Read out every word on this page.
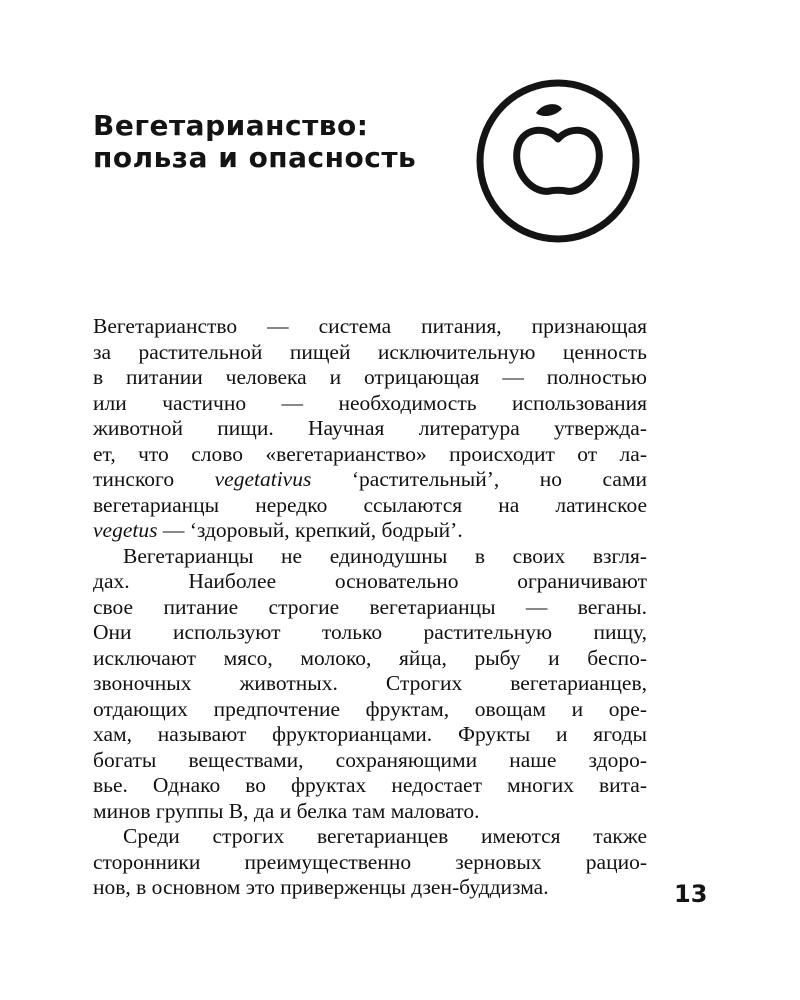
Вегетарианство:
польза и опасность
Вегетарианство — система питания, признающая
за растительной пищей исключительную ценность
в питании человека и отрицающая — полностью
или частично — необходимость использования
животной пищи. Научная литература утвержда-
ет, что слово «вегетарианство» происходит от ла-
тинского vegetativus ‘растительный’, но сами
вегетарианцы нередко ссылаются на латинское
vegetus — ‘здоровый, крепкий, бодрый’.
Вегетарианцы не единодушны в своих взгля-
дах. Наиболее основательно ограничивают
свое питание строгие вегетарианцы — веганы.
Они используют только растительную пищу,
исключают мясо, молоко, яйца, рыбу и беспо-
звоночных животных. Строгих вегетарианцев,
отдающих предпочтение фруктам, овощам и оре-
хам, называют фрукторианцами. Фрукты и ягоды
богаты веществами, сохраняющими наше здоро-
вье. Однако во фруктах недостает многих вита-
минов группы В, да и белка там маловато.
Среди строгих вегетарианцев имеются также
сторонники преимущественно зерновых рацио-
нов, в основном это приверженцы дзен-буддизма.	13
